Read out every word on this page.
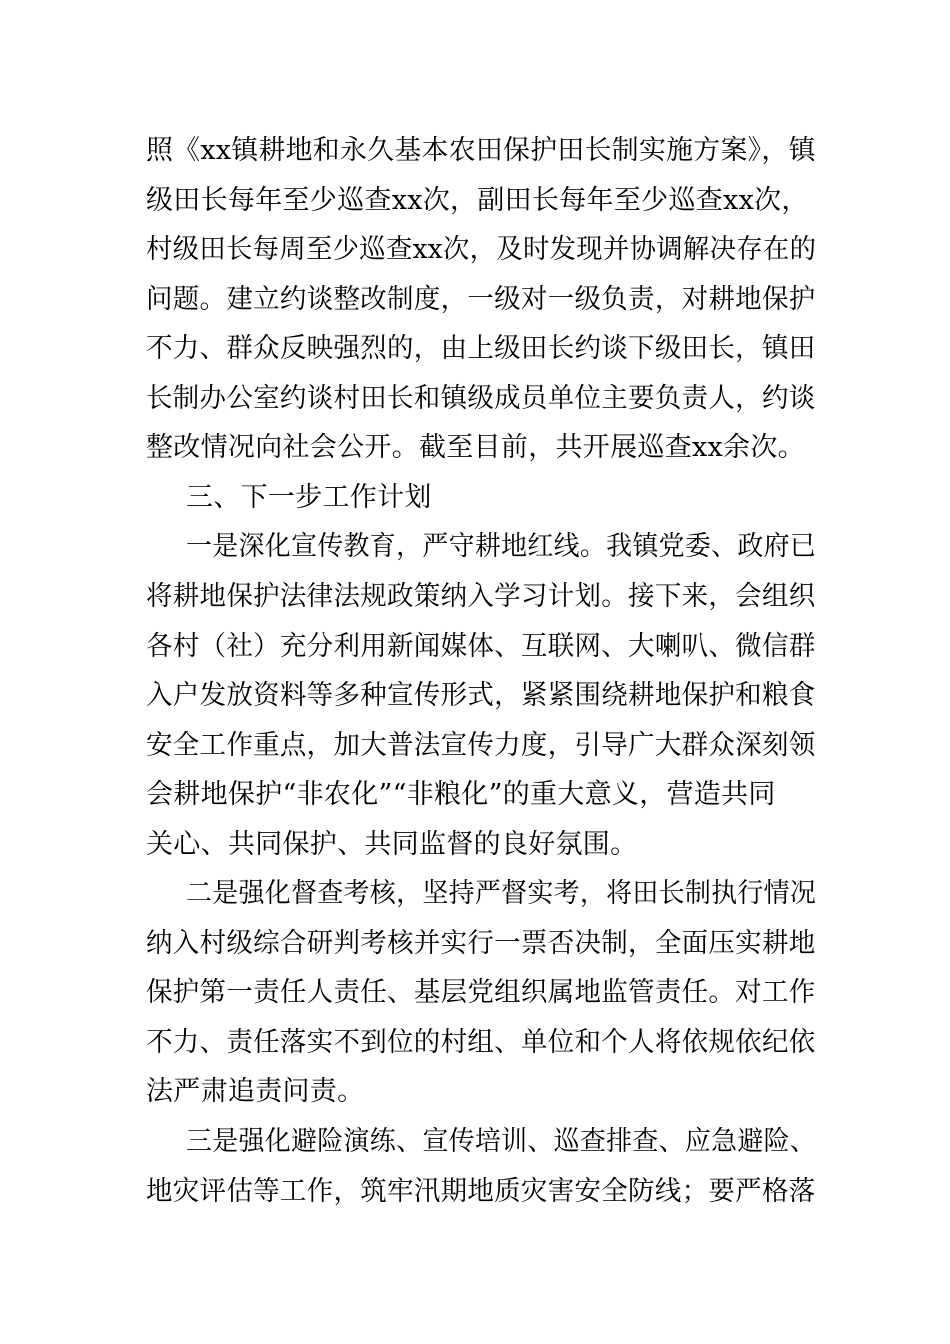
照《xx镇耕地和永久基本农田保护田长制实施方案》，镇
级田长每年至少巡查xx次，副田长每年至少巡查xx次，
村级田长每周至少巡查xx次，及时发现并协调解决存在的
问题。建立约谈整改制度，一级对一级负责，对耕地保护
不力、群众反映强烈的，由上级田长约谈下级田长，镇田
长制办公室约谈村田长和镇级成员单位主要负责人，约谈
整改情况向社会公开。截至目前，共开展巡查xx余次。
三、下一步工作计划
一是深化宣传教育，严守耕地红线。我镇党委、政府已
将耕地保护法律法规政策纳入学习计划。接下来，会组织
各村（社）充分利用新闻媒体、互联网、大喇叭、微信群
入户发放资料等多种宣传形式，紧紧围绕耕地保护和粮食
安全工作重点，加大普法宣传力度，引导广大群众深刻领
会耕地保护“非农化”“非粮化”的重大意义，营造共同
关心、共同保护、共同监督的良好氛围。
二是强化督查考核，坚持严督实考，将田长制执行情况
纳入村级综合研判考核并实行一票否决制，全面压实耕地
保护第一责任人责任、基层党组织属地监管责任。对工作
不力、责任落实不到位的村组、单位和个人将依规依纪依
法严肃追责问责。
三是强化避险演练、宣传培训、巡查排查、应急避险、
地灾评估等工作，筑牢汛期地质灾害安全防线；要严格落
